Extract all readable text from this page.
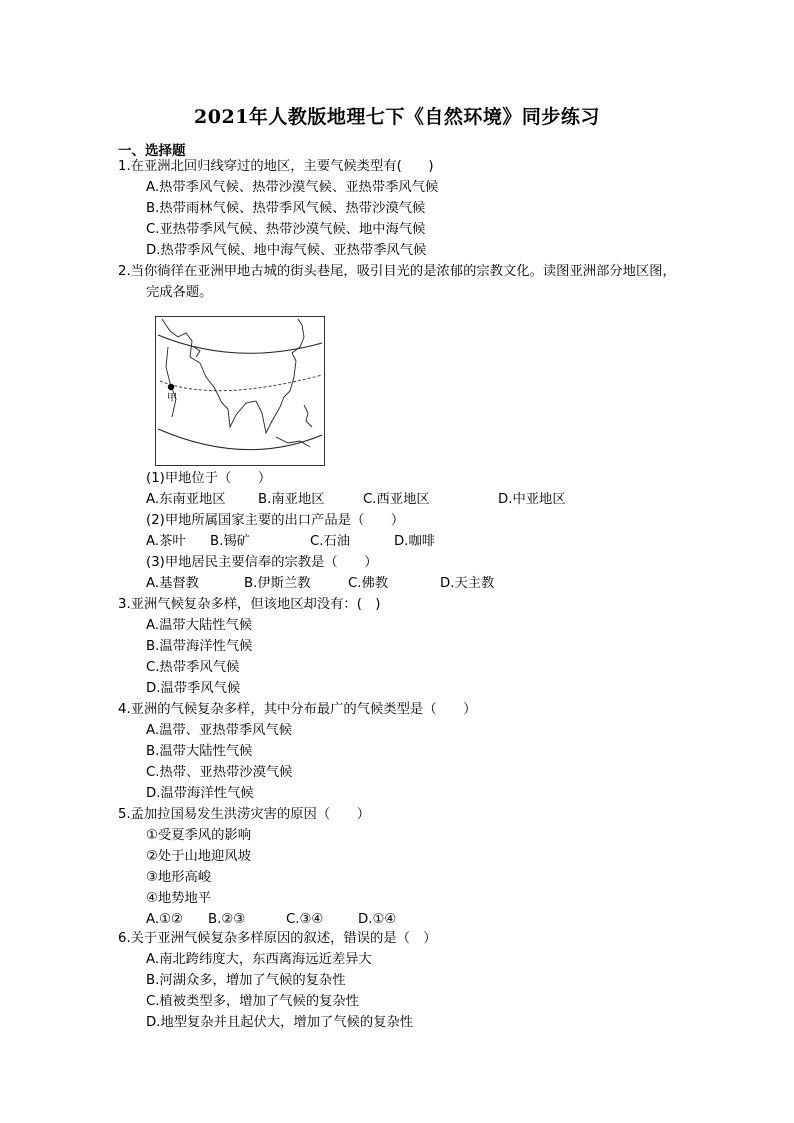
2021年人教版地理七下《自然环境》同步练习
一、选择题
1.在亚洲北回归线穿过的地区，主要气候类型有(　　)
A.热带季风气候、热带沙漠气候、亚热带季风气候
B.热带雨林气候、热带季风气候、热带沙漠气候
C.亚热带季风气候、热带沙漠气候、地中海气候
D.热带季风气候、地中海气候、亚热带季风气候
2.当你徜徉在亚洲甲地古城的街头巷尾，吸引目光的是浓郁的宗教文化。读图亚洲部分地区图，
完成各题。
甲
(1)甲地位于（　　）
A.东南亚地区 B.南亚地区	C.西亚地区	D.中亚地区
(2)甲地所属国家主要的出口产品是（　　）
A.茶叶 B.锡矿	C.石油	D.咖啡
(3)甲地居民主要信奉的宗教是（　　）
A.基督教	B.伊斯兰教	C.佛教	D.天主教
3.亚洲气候复杂多样，但该地区却没有：(　)
A.温带大陆性气候
B.温带海洋性气候
C.热带季风气候
D.温带季风气候
4.亚洲的气候复杂多样，其中分布最广的气候类型是（　　）
A.温带、亚热带季风气候
B.温带大陆性气候
C.热带、亚热带沙漠气候
D.温带海洋性气候
5.孟加拉国易发生洪涝灾害的原因（　　）
①受夏季风的影响
②处于山地迎风坡
③地形高峻
④地势地平
A.①② B.②③	C.③④	D.①④
6.关于亚洲气候复杂多样原因的叙述，错误的是（　）
A.南北跨纬度大，东西离海远近差异大
B.河湖众多，增加了气候的复杂性
C.植被类型多，增加了气候的复杂性
D.地型复杂并且起伏大，增加了气候的复杂性
